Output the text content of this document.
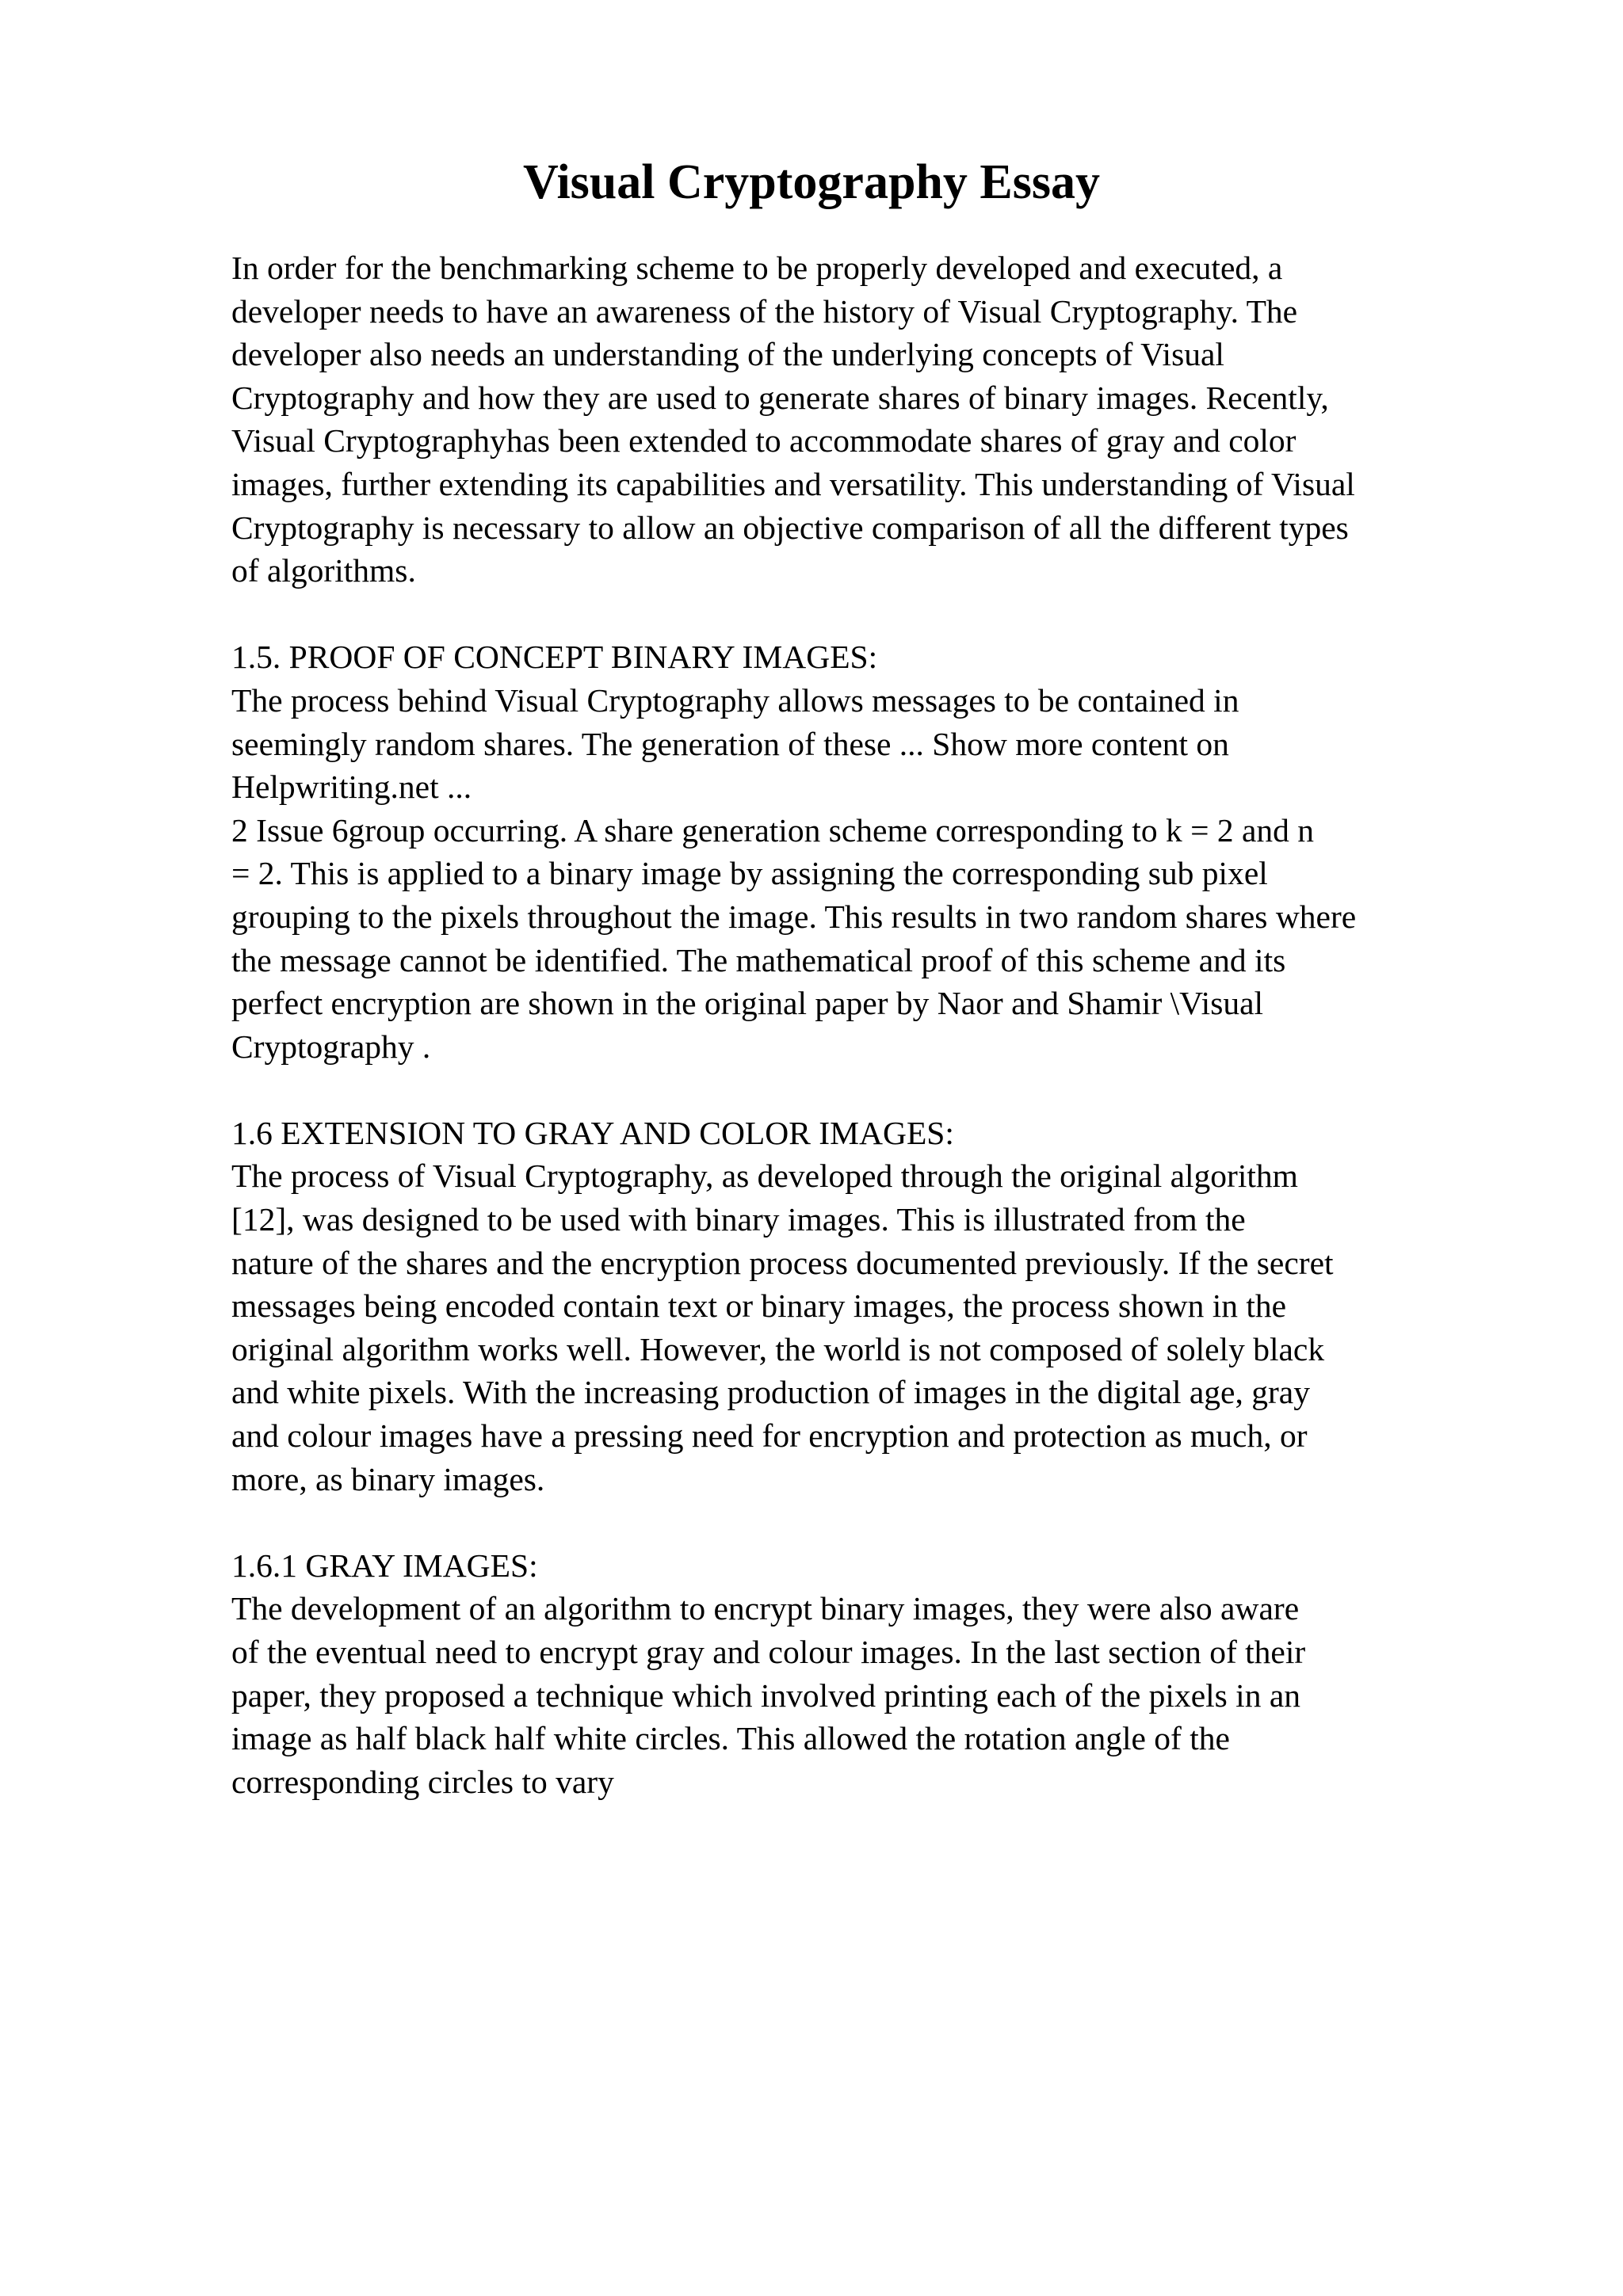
Visual Cryptography Essay

In order for the benchmarking scheme to be properly developed and executed, a

developer needs to have an awareness of the history of Visual Cryptography. The

developer also needs an understanding of the underlying concepts of Visual

Cryptography and how they are used to generate shares of binary images. Recently,

Visual Cryptographyhas been extended to accommodate shares of gray and color

images, further extending its capabilities and versatility. This understanding of Visual

Cryptography is necessary to allow an objective comparison of all the different types

of algorithms.

1.5. PROOF OF CONCEPT BINARY IMAGES:

The process behind Visual Cryptography allows messages to be contained in

seemingly random shares. The generation of these ... Show more content on

Helpwriting.net ...

2 Issue 6group occurring. A share generation scheme corresponding to k = 2 and n

= 2. This is applied to a binary image by assigning the corresponding sub pixel

grouping to the pixels throughout the image. This results in two random shares where

the message cannot be identified. The mathematical proof of this scheme and its

perfect encryption are shown in the original paper by Naor and Shamir \Visual

Cryptography .

1.6 EXTENSION TO GRAY AND COLOR IMAGES:

The process of Visual Cryptography, as developed through the original algorithm

[12], was designed to be used with binary images. This is illustrated from the

nature of the shares and the encryption process documented previously. If the secret

messages being encoded contain text or binary images, the process shown in the

original algorithm works well. However, the world is not composed of solely black

and white pixels. With the increasing production of images in the digital age, gray

and colour images have a pressing need for encryption and protection as much, or

more, as binary images.

1.6.1 GRAY IMAGES:

The development of an algorithm to encrypt binary images, they were also aware

of the eventual need to encrypt gray and colour images. In the last section of their

paper, they proposed a technique which involved printing each of the pixels in an

image as half black half white circles. This allowed the rotation angle of the

corresponding circles to vary
